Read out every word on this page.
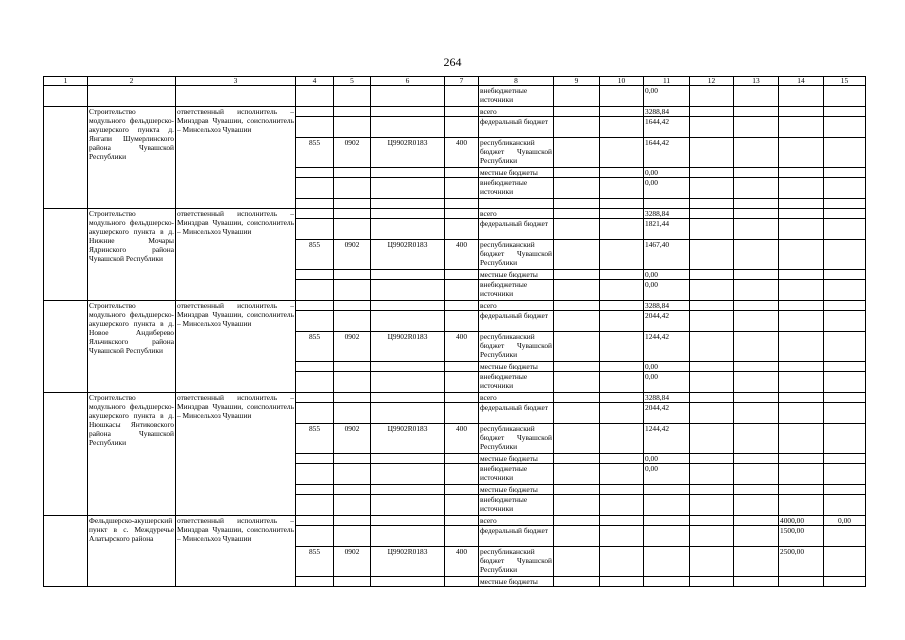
264
1	2	3	4	5	6	7	8	9	10	11	12	13	14	15
							внебюджетные источники			0,00				
	Строительство модульного фельдшерско-акушерского пункта д. Янгапи Шумерлинского района Чувашской Республики	ответственный исполнитель – Минздрав Чувашии, соисполнитель – Минсельхоз Чувашии					всего			3288,84				
							федеральный бюджет			1644,42				
			855	0902	Ц9902R0183	400	республиканский бюджет Чувашской Республики			1644,42				
							местные бюджеты			0,00				
							внебюджетные источники			0,00				

	Строительство модульного фельдшерско-акушерского пункта в д. Нижние Мочары Ядринского района Чувашской Республики	ответственный исполнитель – Минздрав Чувашии, соисполнитель – Минсельхоз Чувашии					всего			3288,84				
							федеральный бюджет			1821,44				
			855	0902	Ц9902R0183	400	республиканский бюджет Чувашской Республики			1467,40				
							местные бюджеты			0,00				
							внебюджетные источники			0,00				
	Строительство модульного фельдшерско-акушерского пункта в д. Новое Андиберево Яльчикского района Чувашской Республики	ответственный исполнитель – Минздрав Чувашии, соисполнитель – Минсельхоз Чувашии					всего			3288,84				
							федеральный бюджет			2044,42				
			855	0902	Ц9902R0183	400	республиканский бюджет Чувашской Республики			1244,42				
							местные бюджеты			0,00				
							внебюджетные источники			0,00				
	Строительство модульного фельдшерско-акушерского пункта в д. Нюшкасы Янтиковского района Чувашской Республики	ответственный исполнитель – Минздрав Чувашии, соисполнитель – Минсельхоз Чувашии					всего			3288,84				
							федеральный бюджет			2044,42				
			855	0902	Ц9902R0183	400	республиканский бюджет Чувашской Республики			1244,42				
							местные бюджеты			0,00				
							внебюджетные источники			0,00				
							местные бюджеты							
							внебюджетные источники							
	Фельдшерско-акушерский пункт в с. Междуречье Алатырского района	ответственный исполнитель – Минздрав Чувашии, соисполнитель – Минсельхоз Чувашии					всего						4000,00	0,00
							федеральный бюджет						1500,00	
			855	0902	Ц9902R0183	400	республиканский бюджет Чувашской Республики						2500,00	
							местные бюджеты							
